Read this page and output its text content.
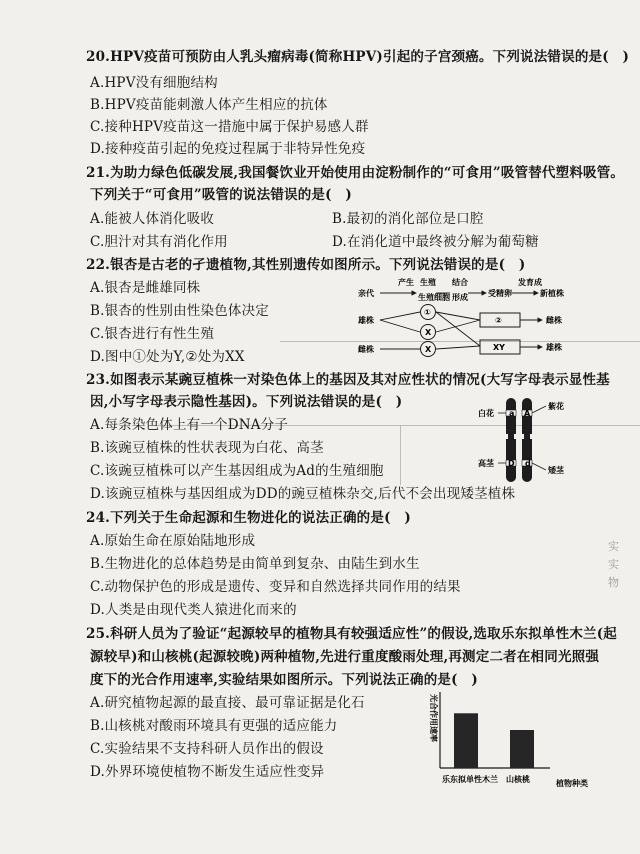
实
实
物
20.HPV疫苗可预防由人乳头瘤病毒(简称HPV)引起的子宫颈癌。下列说法错误的是(　)
A.HPV没有细胞结构
B.HPV疫苗能刺激人体产生相应的抗体
C.接种HPV疫苗这一措施中属于保护易感人群
D.接种疫苗引起的免疫过程属于非特异性免疫
21.为助力绿色低碳发展,我国餐饮业开始使用由淀粉制作的“可食用”吸管替代塑料吸管。
下列关于“可食用”吸管的说法错误的是(　)
A.能被人体消化吸收	B.最初的消化部位是口腔
C.胆汁对其有消化作用	D.在消化道中最终被分解为葡萄糖
22.银杏是古老的孑遗植物,其性别遗传如图所示。下列说法错误的是(　)
A.银杏是雌雄同株
B.银杏的性别由性染色体决定
C.银杏进行有性生殖
D.图中①处为Y,②处为XX
产生 生殖 结合	发育成
亲代	生殖细胞 形成	受精卵	新植株
雄株
雌株
①
X
X
②
XY
雌株
雄株
23.如图表示某豌豆植株一对染色体上的基因及其对应性状的情况(大写字母表示显性基
因,小写字母表示隐性基因)。下列说法错误的是(　)
A.每条染色体上有一个DNA分子
B.该豌豆植株的性状表现为白花、高茎
C.该豌豆植株可以产生基因组成为Ad的生殖细胞
D.该豌豆植株与基因组成为DD的豌豆植株杂交,后代不会出现矮茎植株
a A
D d
白花
紫花
高茎
矮茎
24.下列关于生命起源和生物进化的说法正确的是(　)
A.原始生命在原始陆地形成
B.生物进化的总体趋势是由简单到复杂、由陆生到水生
C.动物保护色的形成是遗传、变异和自然选择共同作用的结果
D.人类是由现代类人猿进化而来的
25.科研人员为了验证“起源较早的植物具有较强适应性”的假设,选取乐东拟单性木兰(起
源较早)和山核桃(起源较晚)两种植物,先进行重度酸雨处理,再测定二者在相同光照强
度下的光合作用速率,实验结果如图所示。下列说法正确的是(　)
A.研究植物起源的最直接、最可靠证据是化石
B.山核桃对酸雨环境具有更强的适应能力
C.实验结果不支持科研人员作出的假设
D.外界环境使植物不断发生适应性变异
光合作用速率
乐东拟单性木兰 山核桃	植物种类
